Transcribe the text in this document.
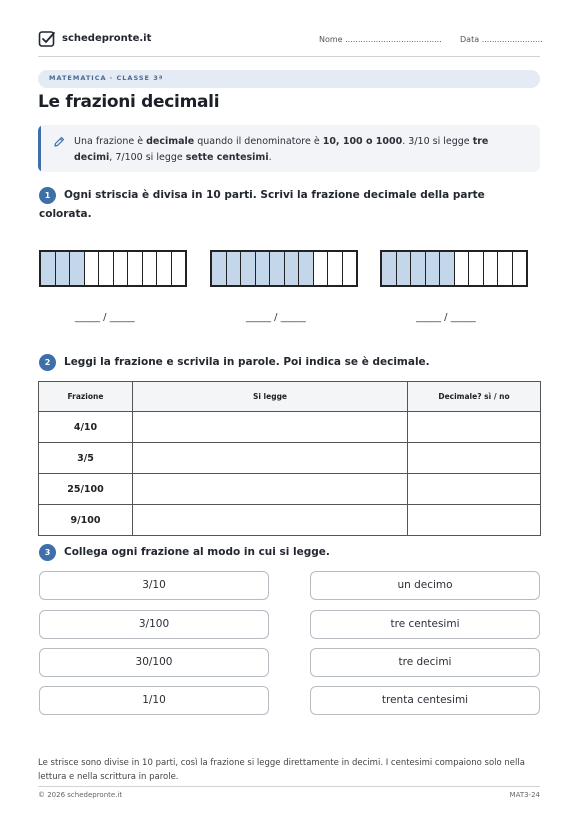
schedepronte.it	Nome ...................................... Data ........................
MATEMATICA · CLASSE 3ª
Le frazioni decimali
Una frazione è decimale quando il denominatore è 10, 100 o 1000. 3/10 si legge tre decimi, 7/100 si legge sette centesimi.
1	Ogni striscia è divisa in 10 parti. Scrivi la frazione decimale della parte colorata.
_____ / _____	_____ / _____	_____ / _____
2	Leggi la frazione e scrivila in parole. Poi indica se è decimale.
Frazione	Si legge	Decimale? sì / no
4/10		
3/5		
25/100		
9/100		
3	Collega ogni frazione al modo in cui si legge.
3/10
3/100
30/100
1/10
un decimo
tre centesimi
tre decimi
trenta centesimi
Le strisce sono divise in 10 parti, così la frazione si legge direttamente in decimi. I centesimi compaiono solo nella lettura e nella scrittura in parole.
© 2026 schedepronte.it	MAT3-24
